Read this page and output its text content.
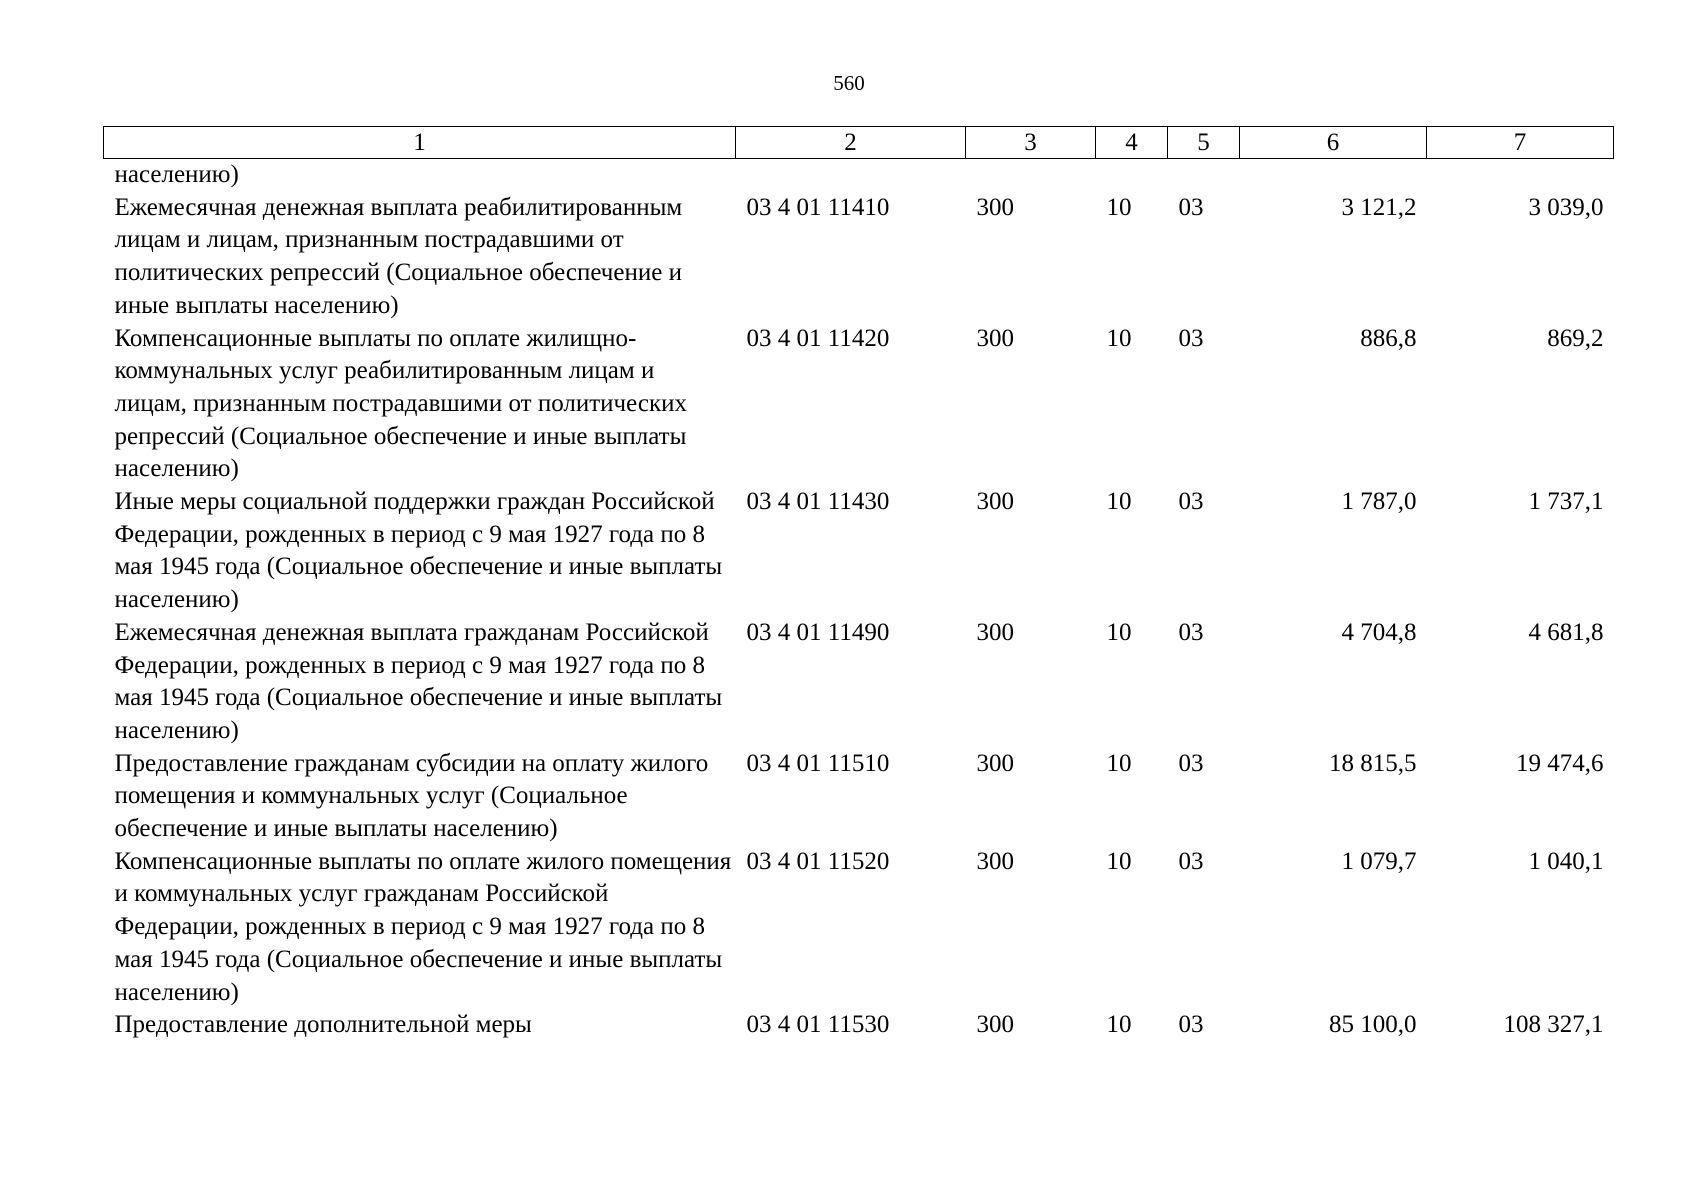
560
1	2	3	4	5	6	7
населению)						
Ежемесячная денежная выплата реабилитированным лицам и лицам, признанным пострадавшими от политических репрессий (Социальное обеспечение и иные выплаты населению)	03 4 01 11410	300	10	03	3 121,2	3 039,0
Компенсационные выплаты по оплате жилищно-коммунальных услуг реабилитированным лицам и лицам, признанным пострадавшими от политических репрессий (Социальное обеспечение и иные выплаты населению)	03 4 01 11420	300	10	03	886,8	869,2
Иные меры социальной поддержки граждан Российской Федерации, рожденных в период с 9 мая 1927 года по 8 мая 1945 года (Социальное обеспечение и иные выплаты населению)	03 4 01 11430	300	10	03	1 787,0	1 737,1
Ежемесячная денежная выплата гражданам Российской Федерации, рожденных в период с 9 мая 1927 года по 8 мая 1945 года (Социальное обеспечение и иные выплаты населению)	03 4 01 11490	300	10	03	4 704,8	4 681,8
Предоставление гражданам субсидии на оплату жилого помещения и коммунальных услуг (Социальное обеспечение и иные выплаты населению)	03 4 01 11510	300	10	03	18 815,5	19 474,6
Компенсационные выплаты по оплате жилого помещения и коммунальных услуг гражданам Российской Федерации, рожденных в период с 9 мая 1927 года по 8 мая 1945 года (Социальное обеспечение и иные выплаты населению)	03 4 01 11520	300	10	03	1 079,7	1 040,1
Предоставление дополнительной меры	03 4 01 11530	300	10	03	85 100,0	108 327,1
